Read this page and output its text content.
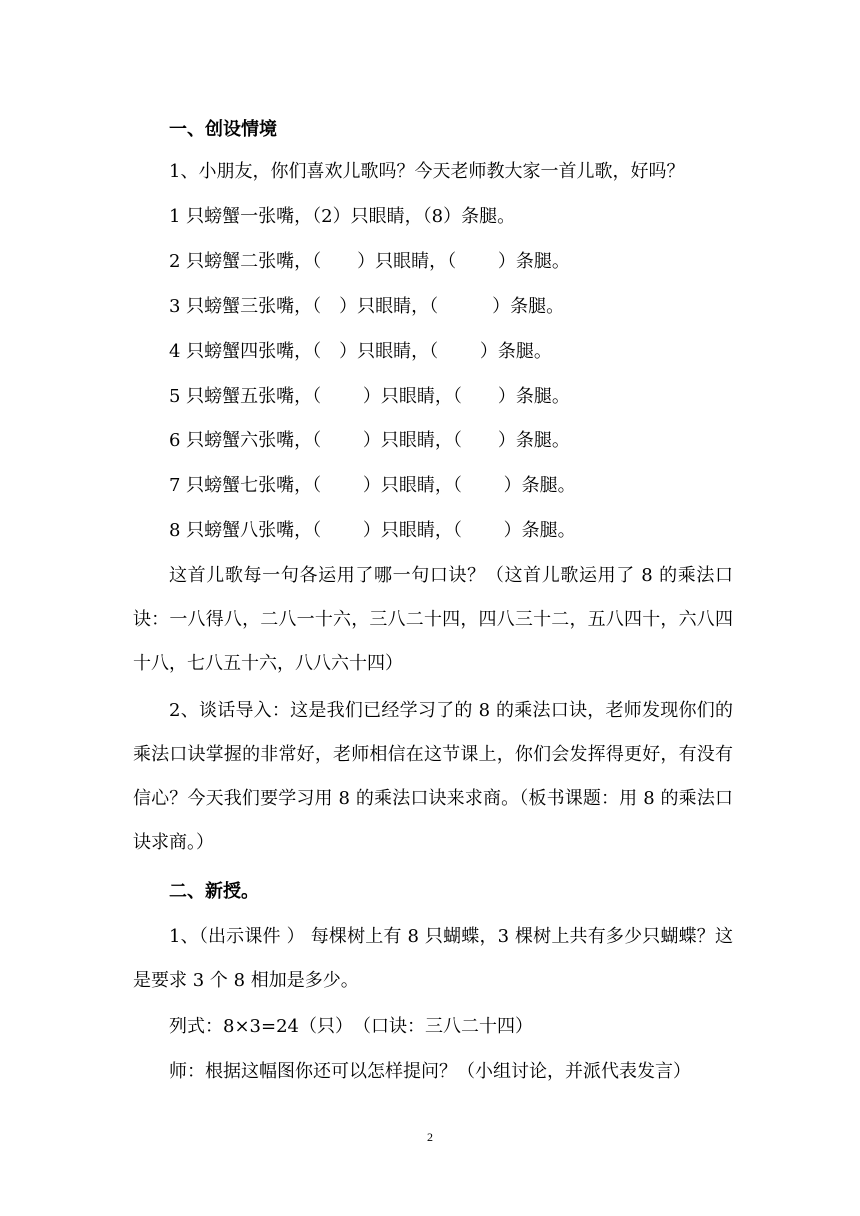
一、创设情境
1、小朋友，你们喜欢儿歌吗？今天老师教大家一首儿歌，好吗？
1 只螃蟹一张嘴，（2）只眼睛，（8）条腿。
2 只螃蟹二张嘴，（　　）只眼睛，（　　 ）条腿。
3 只螃蟹三张嘴，（　）只眼睛，（　　　）条腿。
4 只螃蟹四张嘴，（　）只眼睛，（　　 ）条腿。
5 只螃蟹五张嘴，（　　 ）只眼睛，（　　）条腿。
6 只螃蟹六张嘴，（　　 ）只眼睛，（　　）条腿。
7 只螃蟹七张嘴，（　　 ）只眼睛，（　　 ）条腿。
8 只螃蟹八张嘴，（　　 ）只眼睛，（　　 ）条腿。

这首儿歌每一句各运用了哪一句口诀？（这首儿歌运用了 8 的乘法口诀：一八得八，二八一十六，三八二十四，四八三十二，五八四十，六八四十八，七八五十六，八八六十四）

2、谈话导入：这是我们已经学习了的 8 的乘法口诀，老师发现你们的乘法口诀掌握的非常好，老师相信在这节课上，你们会发挥得更好，有没有信心？今天我们要学习用 8 的乘法口诀来求商。（板书课题：用 8 的乘法口诀求商。）

二、新授。

1、（出示课件 ） 每棵树上有 8 只蝴蝶，3 棵树上共有多少只蝴蝶？这是要求 3 个 8 相加是多少。

列式：8×3=24（只）　（口诀：三八二十四）
师：根据这幅图你还可以怎样提问？（小组讨论，并派代表发言）
2
